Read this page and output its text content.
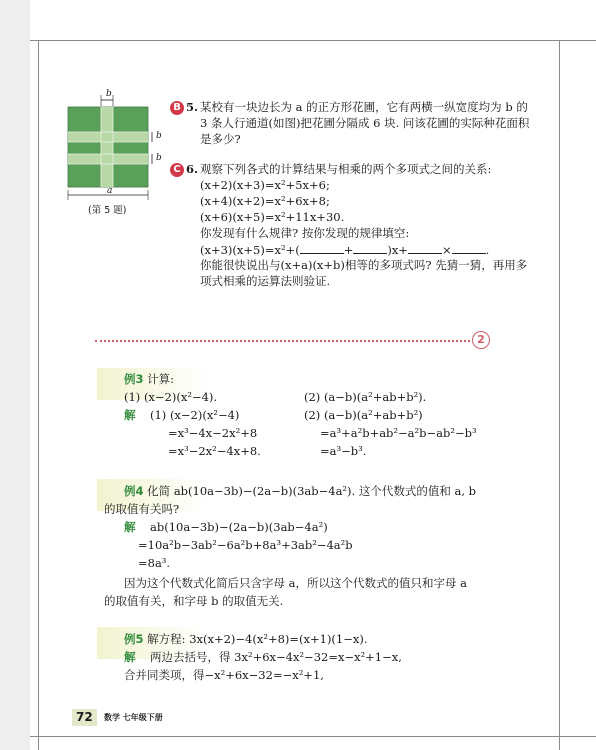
b
b
b
a
(第 5 题)
B 5. 某校有一块边长为 a 的正方形花圃，它有两横一纵宽度均为 b 的
3 条人行通道(如图)把花圃分隔成 6 块. 问该花圃的实际种花面积
是多少?
C 6. 观察下列各式的计算结果与相乘的两个多项式之间的关系:
(x+2)(x+3)=x²+5x+6;
(x+4)(x+2)=x²+6x+8;
(x+6)(x+5)=x²+11x+30.
你发现有什么规律? 按你发现的规律填空:
(x+3)(x+5)=x²+(	+	)x+	×	.
你能很快说出与(x+a)(x+b)相等的多项式吗? 先猜一猜，再用多
项式相乘的运算法则验证.
2
例3 计算:
(1) (x−2)(x²−4).	(2) (a−b)(a²+ab+b²).
解 (1) (x−2)(x²−4)
=x³−4x−2x²+8
=x³−2x²−4x+8.
(2) (a−b)(a²+ab+b²)
=a³+a²b+ab²−a²b−ab²−b³
=a³−b³.
例4 化简 ab(10a−3b)−(2a−b)(3ab−4a²). 这个代数式的值和 a, b
的取值有关吗?
解 ab(10a−3b)−(2a−b)(3ab−4a²)
=10a²b−3ab²−6a²b+8a³+3ab²−4a²b
=8a³.
因为这个代数式化简后只含字母 a，所以这个代数式的值只和字母 a
的取值有关，和字母 b 的取值无关.
例5 解方程: 3x(x+2)−4(x²+8)=(x+1)(1−x).
解 两边去括号，得 3x²+6x−4x²−32=x−x²+1−x,
合并同类项，得−x²+6x−32=−x²+1,
72	数学 七年级下册
